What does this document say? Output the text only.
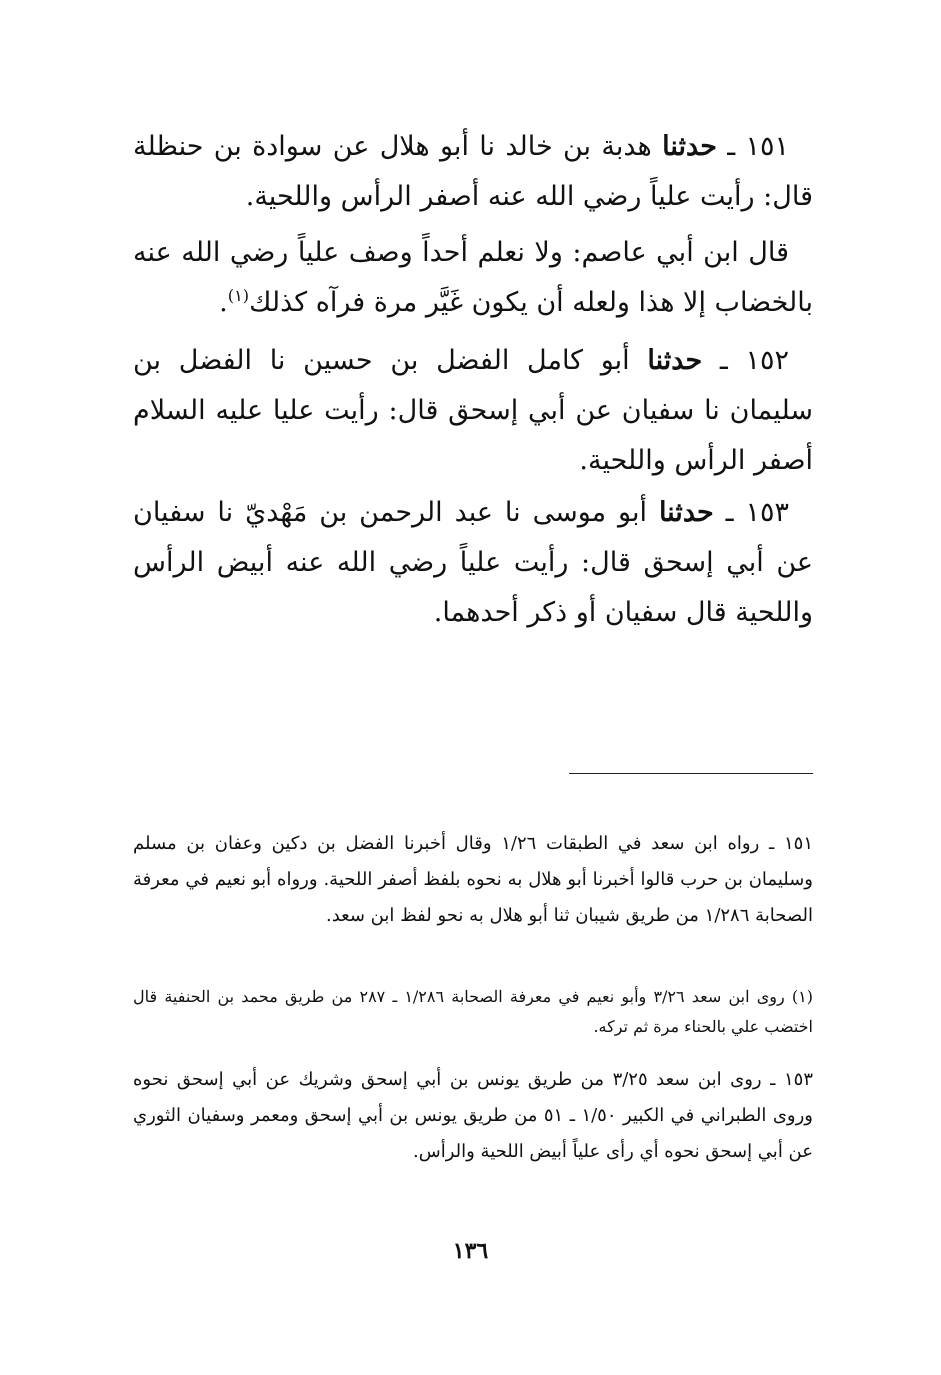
١٥١ ـ حدثنا هدبة بن خالد نا أبو هلال عن سوادة بن حنظلة قال: رأيت علياً رضي الله عنه أصفر الرأس واللحية.
قال ابن أبي عاصم: ولا نعلم أحداً وصف علياً رضي الله عنه بالخضاب إلا هذا ولعله أن يكون غَيَّر مرة فرآه كذلك$^{(١)}$.
١٥٢ ـ حدثنا أبو كامل الفضل بن حسين نا الفضل بن سليمان نا سفيان عن أبي إسحق قال: رأيت عليا عليه السلام أصفر الرأس واللحية.
١٥٣ ـ حدثنا أبو موسى نا عبد الرحمن بن مَهْديّ نا سفيان عن أبي إسحق قال: رأيت علياً رضي الله عنه أبيض الرأس واللحية قال سفيان أو ذكر أحدهما.
١٥١ ـ رواه ابن سعد في الطبقات ١/٢٦ وقال أخبرنا الفضل بن دكين وعفان بن مسلم وسليمان بن حرب قالوا أخبرنا أبو هلال به نحوه بلفظ أصفر اللحية. ورواه أبو نعيم في معرفة الصحابة ١/٢٨٦ من طريق شيبان ثنا أبو هلال به نحو لفظ ابن سعد.
(١) روى ابن سعد ٣/٢٦ وأبو نعيم في معرفة الصحابة ١/٢٨٦ ـ ٢٨٧ من طريق محمد بن الحنفية قال اختضب علي بالحناء مرة ثم تركه.
١٥٣ ـ روى ابن سعد ٣/٢٥ من طريق يونس بن أبي إسحق وشريك عن أبي إسحق نحوه وروى الطبراني في الكبير ١/٥٠ ـ ٥١ من طريق يونس بن أبي إسحق ومعمر وسفيان الثوري عن أبي إسحق نحوه أي رأى علياً أبيض اللحية والرأس.
١٣٦
